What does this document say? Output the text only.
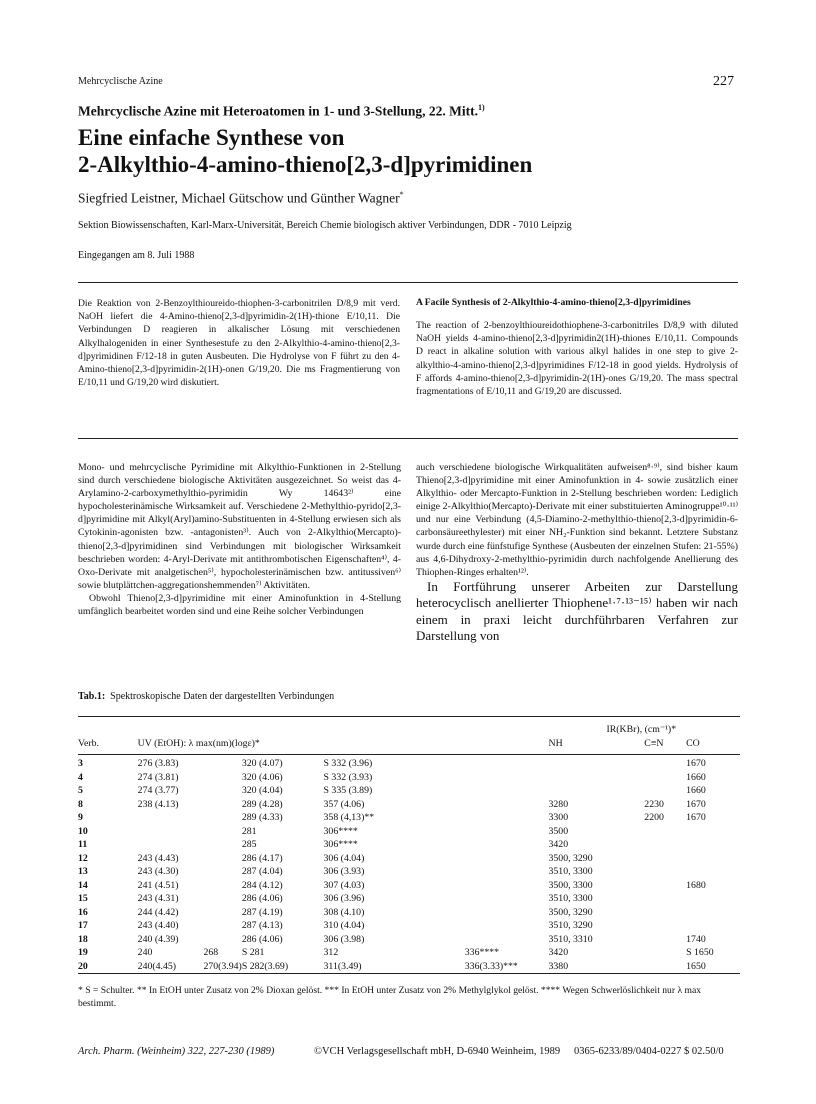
Mehrcyclische Azine	227
Mehrcyclische Azine mit Heteroatomen in 1- und 3-Stellung, 22. Mitt.$^{1)}$
Eine einfache Synthese von
2-Alkylthio-4-amino-thieno[2,3-d]pyrimidinen
Siegfried Leistner, Michael Gütschow und Günther Wagner*
Sektion Biowissenschaften, Karl-Marx-Universität, Bereich Chemie biologisch aktiver Verbindungen, DDR - 7010 Leipzig
Eingegangen am 8. Juli 1988
Die Reaktion von 2-Benzoylthioureido-thiophen-3-carbonitrilen D/8,9 mit verd. NaOH liefert die 4-Amino-thieno[2,3-d]pyrimidin-2(1H)-thione E/10,11. Die Verbindungen D reagieren in alkalischer Lösung mit verschiedenen Alkylhalogeniden in einer Synthesestufe zu den 2-Alkylthio-4-amino-thieno[2,3-d]pyrimidinen F/12-18 in guten Ausbeuten. Die Hydrolyse von F führt zu den 4-Amino-thieno[2,3-d]pyrimidin-2(1H)-onen G/19,20. Die ms Fragmentierung von E/10,11 und G/19,20 wird diskutiert.
A Facile Synthesis of 2-Alkylthio-4-amino-thieno[2,3-d]pyrimidines
The reaction of 2-benzoylthioureidothiophene-3-carbonitriles D/8,9 with diluted NaOH yields 4-amino-thieno[2,3-d]pyrimidin2(1H)-thiones E/10,11. Compounds D react in alkaline solution with various alkyl halides in one step to give 2-alkylthio-4-amino-thieno[2,3-d]pyrimidines F/12-18 in good yields. Hydrolysis of F affords 4-amino-thieno[2,3-d]pyrimidin-2(1H)-ones G/19,20. The mass spectral fragmentations of E/10,11 and G/19,20 are discussed.

Mono- und mehrcyclische Pyrimidine mit Alkylthio-Funktionen in 2-Stellung sind durch verschiedene biologische Aktivitäten ausgezeichnet. So weist das 4-Arylamino-2-carboxymethylthio-pyrimidin Wy 14643²⁾ eine hypocholesterinämische Wirksamkeit auf. Verschiedene 2-Methylthio-pyrido[2,3-d]pyrimidine mit Alkyl(Aryl)amino-Substituenten in 4-Stellung erwiesen sich als Cytokinin-agonisten bzw. -antagonisten³⁾. Auch von 2-Alkylthio(Mercapto)-thieno[2,3-d]pyrimidinen sind Verbindungen mit biologischer Wirksamkeit beschrieben worden: 4-Aryl-Derivate mit antithrombotischen Eigenschaften⁴⁾, 4-Oxo-Derivate mit analgetischen⁵⁾, hypocholesterinämischen bzw. antitussiven⁶⁾ sowie blutplättchen-aggregationshemmenden⁷⁾ Aktivitäten.

Obwohl Thieno[2,3-d]pyrimidine mit einer Aminofunktion in 4-Stellung umfänglich bearbeitet worden sind und eine Reihe solcher Verbindungen

auch verschiedene biologische Wirkqualitäten aufweisen⁸·⁹⁾, sind bisher kaum Thieno[2,3-d]pyrimidine mit einer Aminofunktion in 4- sowie zusätzlich einer Alkylthio- oder Mercapto-Funktion in 2-Stellung beschrieben worden: Lediglich einige 2-Alkylthio(Mercapto)-Derivate mit einer substituierten Aminogruppe¹⁰·¹¹⁾ und nur eine Verbindung (4,5-Diamino-2-methylthio-thieno[2,3-d]pyrimidin-6-carbonsäureethylester) mit einer NH₂-Funktion sind bekannt. Letztere Substanz wurde durch eine fünfstufige Synthese (Ausbeuten der einzelnen Stufen: 21-55%) aus 4,6-Dihydroxy-2-methylthio-pyrimidin durch nachfolgende Anellierung des Thiophen-Ringes erhalten¹²⁾.

In Fortführung unserer Arbeiten zur Darstellung heterocyclisch anellierter Thiophene¹·⁷·¹³⁻¹⁵⁾ haben wir nach einem in praxi leicht durchführbaren Verfahren zur Darstellung von

Tab.1: Spektroskopische Daten der dargestellten Verbindungen
						IR(KBr), (cm⁻¹)*		
Verb.	UV (EtOH): λ max(nm)(logε)*					NH	C≡N	CO
3	276 (3.83)		320 (4.07)	S 332 (3.96)				1670
4	274 (3.81)		320 (4.06)	S 332 (3.93)				1660
5	274 (3.77)		320 (4.04)	S 335 (3.89)				1660
8	238 (4.13)		289 (4.28)	357 (4.06)		3280	2230	1670
9			289 (4.33)	358 (4,13)**		3300	2200	1670
10			281	306****		3500		
11			285	306****		3420		
12	243 (4.43)		286 (4.17)	306 (4.04)		3500, 3290		
13	243 (4.30)		287 (4.04)	306 (3.93)		3510, 3300		
14	241 (4.51)		284 (4.12)	307 (4.03)		3500, 3300		1680
15	243 (4.31)		286 (4.06)	306 (3.96)		3510, 3300		
16	244 (4.42)		287 (4.19)	308 (4.10)		3500, 3290		
17	243 (4.40)		287 (4.13)	310 (4.04)		3510, 3290		
18	240 (4.39)		286 (4.06)	306 (3.98)		3510, 3310		1740
19	240	268	S 281	312	336****	3420		S 1650
20	240(4.45)	270(3.94)	S 282(3.69)	311(3.49)	336(3.33)***	3380		1650
* S = Schulter. ** In EtOH unter Zusatz von 2% Dioxan gelöst. *** In EtOH unter Zusatz von 2% Methylglykol gelöst. **** Wegen Schwerlöslichkeit nur λ max bestimmt.
Arch. Pharm. (Weinheim) 322, 227-230 (1989)	©VCH Verlagsgesellschaft mbH, D-6940 Weinheim, 1989 0365-6233/89/0404-0227 $ 02.50/0
